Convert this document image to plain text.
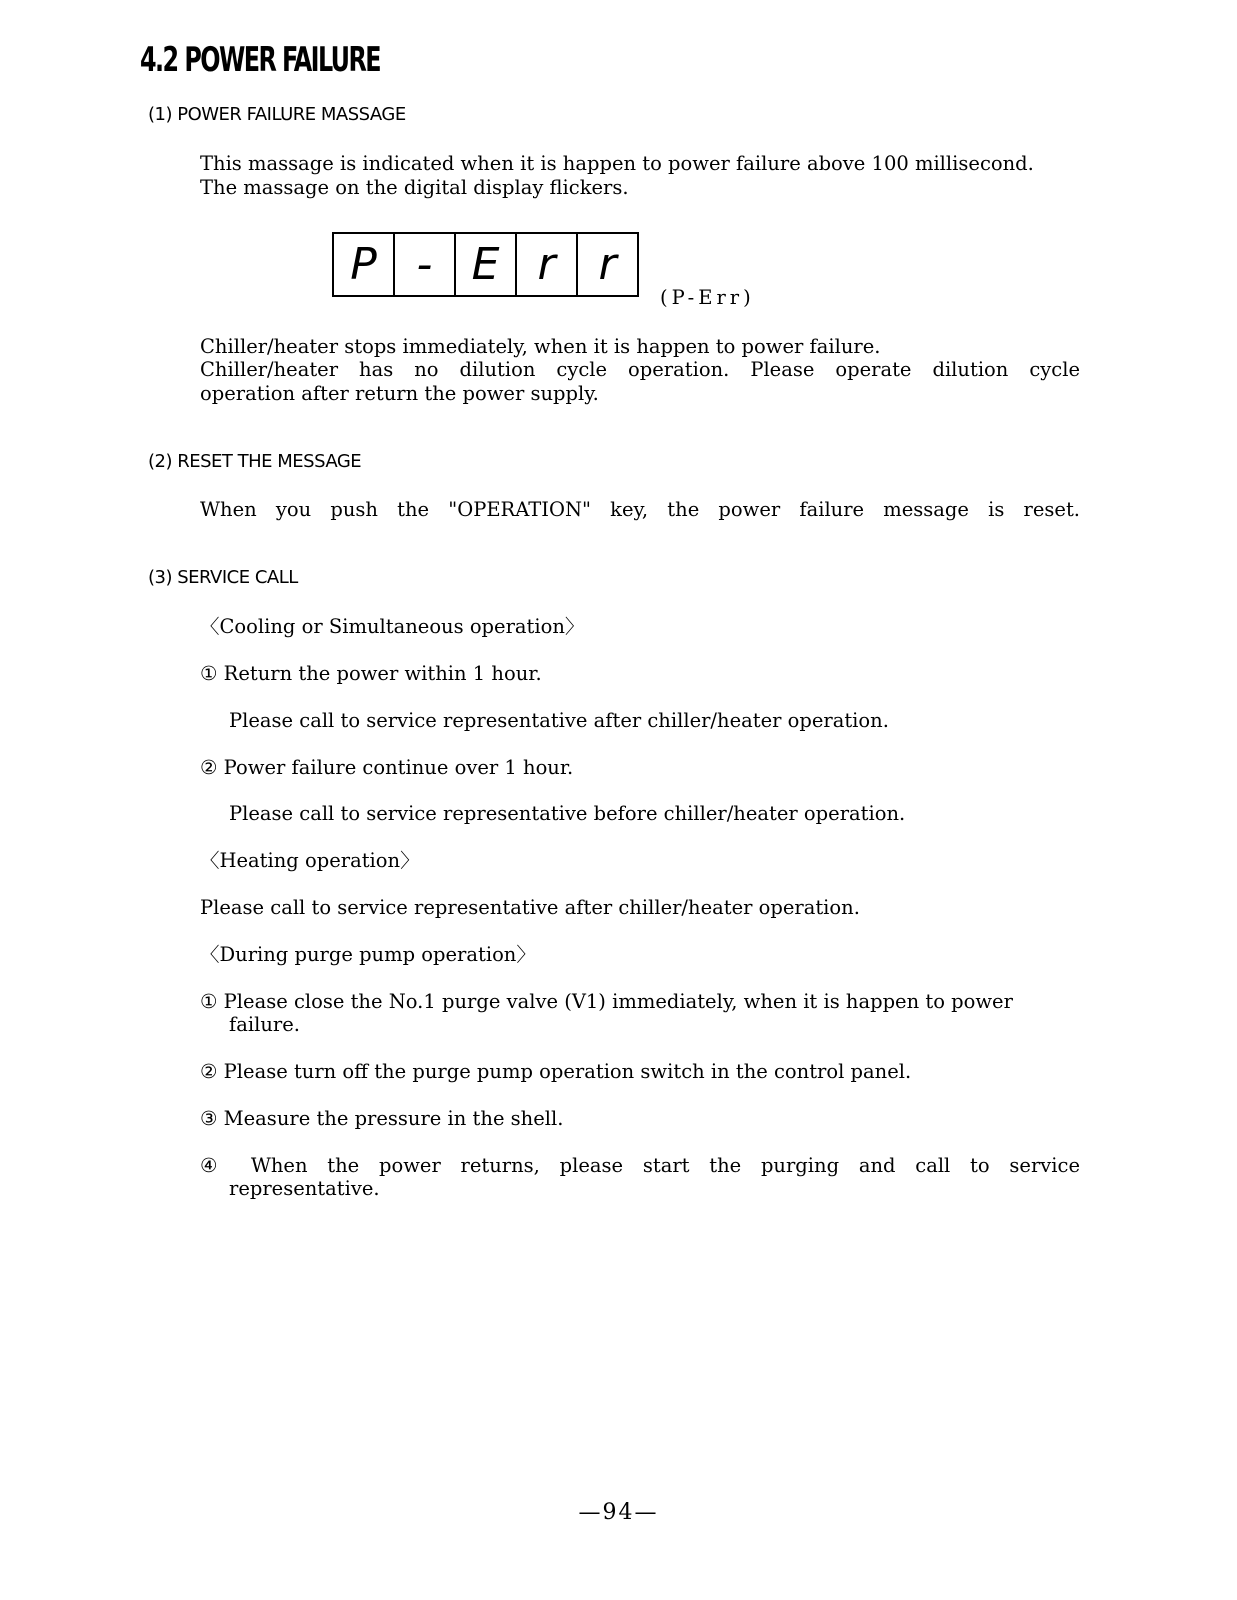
4.2 POWER FAILURE
(1) POWER FAILURE MASSAGE
This massage is indicated when it is happen to power failure above 100 millisecond.
The massage on the digital display flickers.
P - E r r
(P-Err)
Chiller/heater stops immediately, when it is happen to power failure.
Chiller/heater has no dilution cycle operation. Please operate dilution cycle
operation after return the power supply.
(2) RESET THE MESSAGE
When you push the "OPERATION" key, the power failure message is reset.
(3) SERVICE CALL
〈Cooling or Simultaneous operation〉
① Return the power within 1 hour.
Please call to service representative after chiller/heater operation.
② Power failure continue over 1 hour.
Please call to service representative before chiller/heater operation.
〈Heating operation〉
Please call to service representative after chiller/heater operation.
〈During purge pump operation〉
① Please close the No.1 purge valve (V1) immediately, when it is happen to power
failure.
② Please turn off the purge pump operation switch in the control panel.
③ Measure the pressure in the shell.
④ When the power returns, please start the purging and call to service
representative.
—94—
